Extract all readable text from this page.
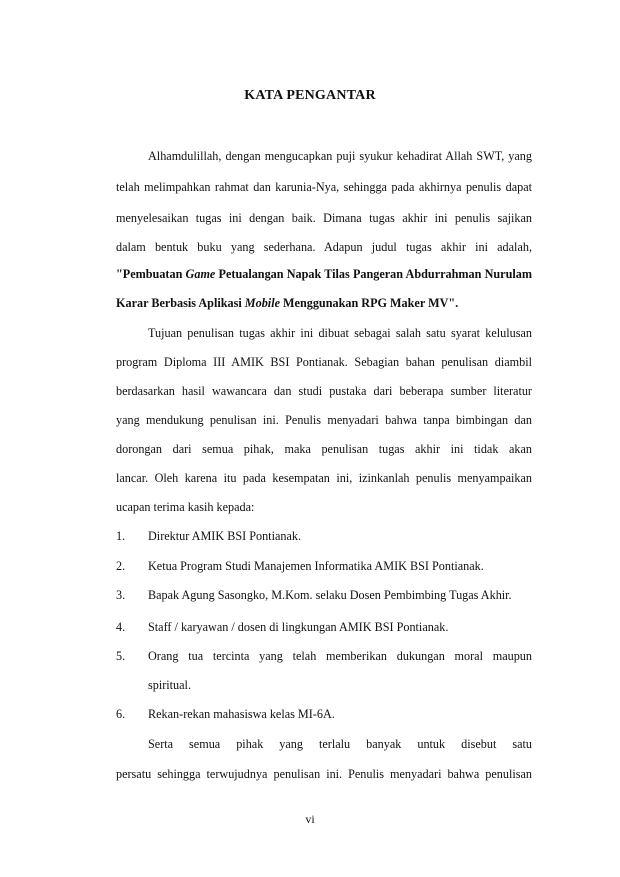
KATA PENGANTAR
Alhamdulillah, dengan mengucapkan puji syukur kehadirat Allah SWT, yang
telah melimpahkan rahmat dan karunia-Nya, sehingga pada akhirnya penulis dapat
menyelesaikan tugas ini dengan baik. Dimana tugas akhir ini penulis sajikan
dalam bentuk buku yang sederhana. Adapun judul tugas akhir ini adalah,
"Pembuatan Game Petualangan Napak Tilas Pangeran Abdurrahman Nurulam
Karar Berbasis Aplikasi Mobile Menggunakan RPG Maker MV".
Tujuan penulisan tugas akhir ini dibuat sebagai salah satu syarat kelulusan
program Diploma III AMIK BSI Pontianak. Sebagian bahan penulisan diambil
berdasarkan hasil wawancara dan studi pustaka dari beberapa sumber literatur
yang mendukung penulisan ini. Penulis menyadari bahwa tanpa bimbingan dan
dorongan dari semua pihak, maka penulisan tugas akhir ini tidak akan
lancar. Oleh karena itu pada kesempatan ini, izinkanlah penulis menyampaikan
ucapan terima kasih kepada:
1. Direktur AMIK BSI Pontianak.
2. Ketua Program Studi Manajemen Informatika AMIK BSI Pontianak.
3. Bapak Agung Sasongko, M.Kom. selaku Dosen Pembimbing Tugas Akhir.
4. Staff / karyawan / dosen di lingkungan AMIK BSI Pontianak.
5. Orang tua tercinta yang telah memberikan dukungan moral maupun
spiritual.
6. Rekan-rekan mahasiswa kelas MI-6A.
Serta semua pihak yang terlalu banyak untuk disebut satu
persatu sehingga terwujudnya penulisan ini. Penulis menyadari bahwa penulisan
vi
